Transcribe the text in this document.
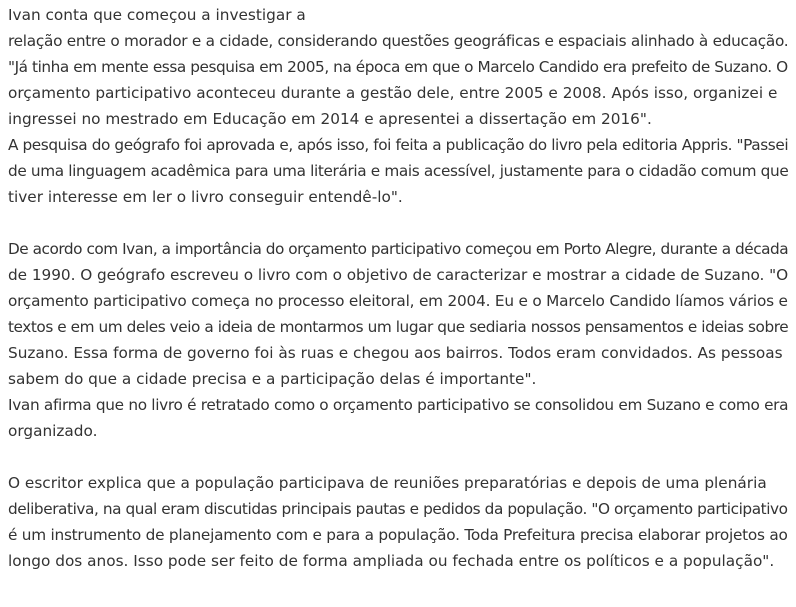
Ivan conta que começou a investigar a
relação entre o morador e a cidade, considerando questões geográficas e espaciais alinhado à educação.
"Já tinha em mente essa pesquisa em 2005, na época em que o Marcelo Candido era prefeito de Suzano. O
orçamento participativo aconteceu durante a gestão dele, entre 2005 e 2008. Após isso, organizei e
ingressei no mestrado em Educação em 2014 e apresentei a dissertação em 2016".
A pesquisa do geógrafo foi aprovada e, após isso, foi feita a publicação do livro pela editoria Appris. "Passei
de uma linguagem acadêmica para uma literária e mais acessível, justamente para o cidadão comum que
tiver interesse em ler o livro conseguir entendê-lo".
De acordo com Ivan, a importância do orçamento participativo começou em Porto Alegre, durante a década
de 1990. O geógrafo escreveu o livro com o objetivo de caracterizar e mostrar a cidade de Suzano. "O
orçamento participativo começa no processo eleitoral, em 2004. Eu e o Marcelo Candido líamos vários e
textos e em um deles veio a ideia de montarmos um lugar que sediaria nossos pensamentos e ideias sobre
Suzano. Essa forma de governo foi às ruas e chegou aos bairros. Todos eram convidados. As pessoas
sabem do que a cidade precisa e a participação delas é importante".
Ivan afirma que no livro é retratado como o orçamento participativo se consolidou em Suzano e como era
organizado.
O escritor explica que a população participava de reuniões preparatórias e depois de uma plenária
deliberativa, na qual eram discutidas principais pautas e pedidos da população. "O orçamento participativo
é um instrumento de planejamento com e para a população. Toda Prefeitura precisa elaborar projetos ao
longo dos anos. Isso pode ser feito de forma ampliada ou fechada entre os políticos e a população".
